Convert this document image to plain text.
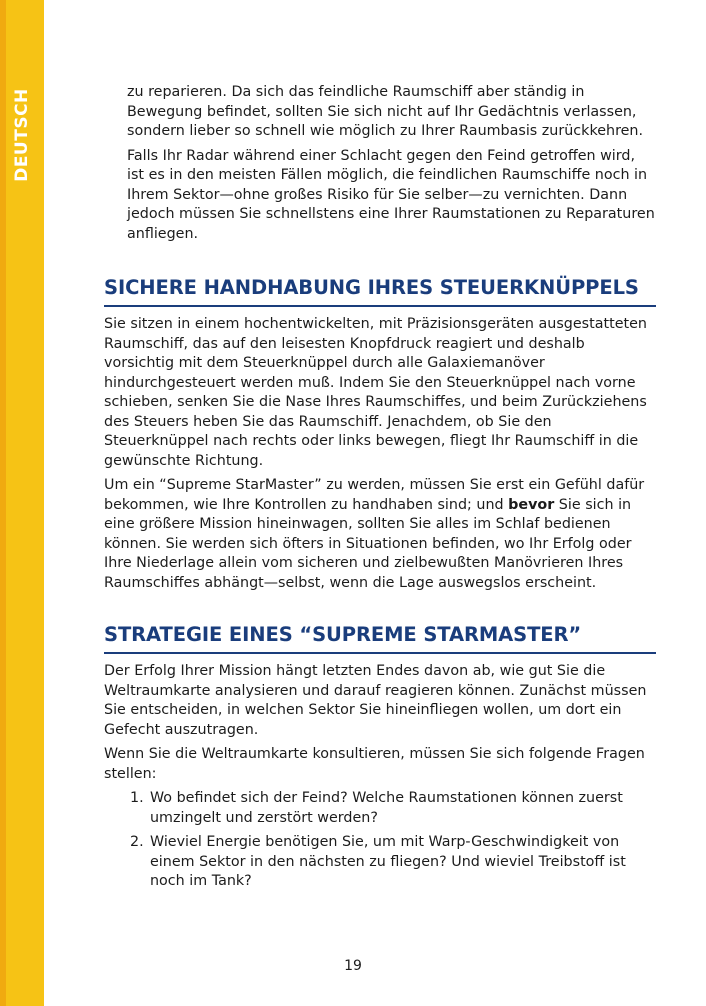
DEUTSCH	zu reparieren. Da sich das feindliche Raumschiff aber ständig in Bewegung befindet, sollten Sie sich nicht auf Ihr Gedächtnis verlassen, sondern lieber so schnell wie möglich zu Ihrer Raumbasis zurückkehren.

Falls Ihr Radar während einer Schlacht gegen den Feind getroffen wird, ist es in den meisten Fällen möglich, die feindlichen Raumschiffe noch in Ihrem Sektor—ohne großes Risiko für Sie selber—zu vernichten. Dann jedoch müssen Sie schnellstens eine Ihrer Raumstationen zu Reparaturen anfliegen.

SICHERE HANDHABUNG IHRES STEUERKNÜPPELS

Sie sitzen in einem hochentwickelten, mit Präzisionsgeräten ausgestatteten Raumschiff, das auf den leisesten Knopfdruck reagiert und deshalb vorsichtig mit dem Steuerknüppel durch alle Galaxiemanöver hindurchgesteuert werden muß. Indem Sie den Steuerknüppel nach vorne schieben, senken Sie die Nase Ihres Raumschiffes, und beim Zurückziehens des Steuers heben Sie das Raumschiff. Jenachdem, ob Sie den Steuerknüppel nach rechts oder links bewegen, fliegt Ihr Raumschiff in die gewünschte Richtung.

Um ein “Supreme StarMaster” zu werden, müssen Sie erst ein Gefühl dafür bekommen, wie Ihre Kontrollen zu handhaben sind; und bevor Sie sich in eine größere Mission hineinwagen, sollten Sie alles im Schlaf bedienen können. Sie werden sich öfters in Situationen befinden, wo Ihr Erfolg oder Ihre Niederlage allein vom sicheren und zielbewußten Manövrieren Ihres Raumschiffes abhängt—selbst, wenn die Lage auswegslos erscheint.

STRATEGIE EINES “SUPREME STARMASTER”

Der Erfolg Ihrer Mission hängt letzten Endes davon ab, wie gut Sie die Weltraumkarte analysieren und darauf reagieren können. Zunächst müssen Sie entscheiden, in welchen Sektor Sie hineinfliegen wollen, um dort ein Gefecht auszutragen.

Wenn Sie die Weltraumkarte konsultieren, müssen Sie sich folgende Fragen stellen:

1. Wo befindet sich der Feind? Welche Raumstationen können zuerst umzingelt und zerstört werden?
2. Wieviel Energie benötigen Sie, um mit Warp-Geschwindigkeit von einem Sektor in den nächsten zu fliegen? Und wieviel Treibstoff ist noch im Tank?
19
